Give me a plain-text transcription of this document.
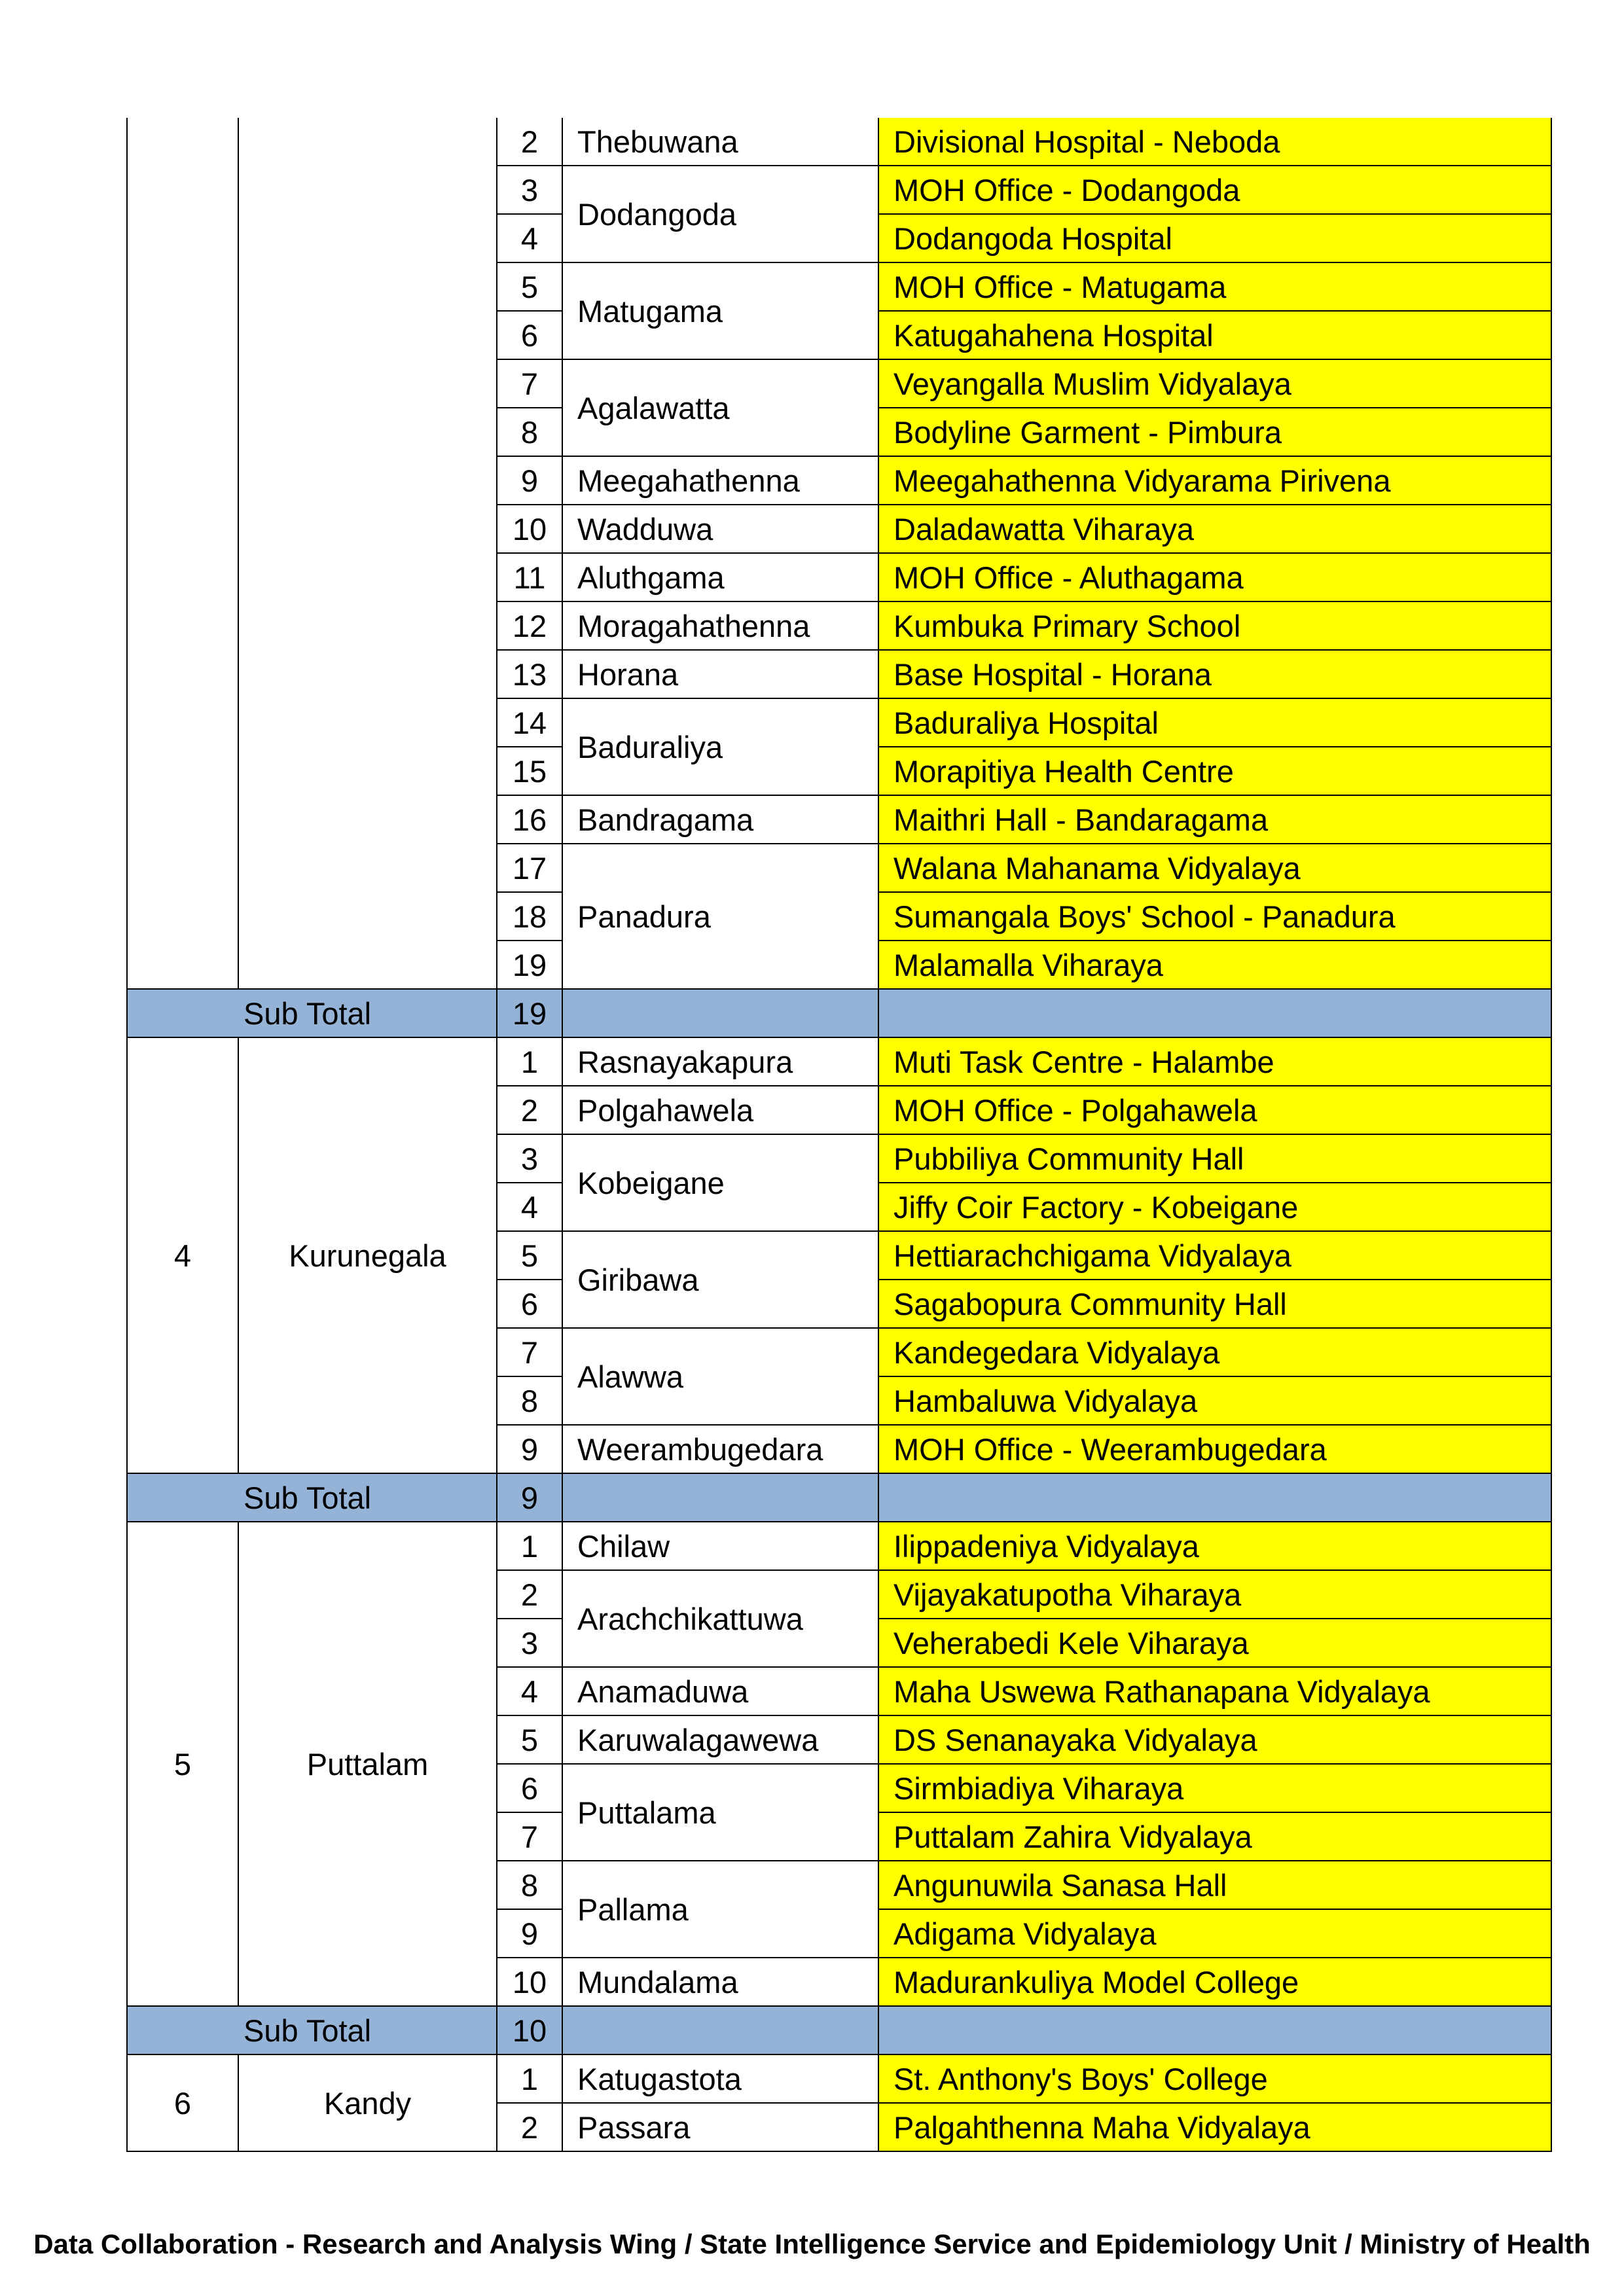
		2	Thebuwana	Divisional Hospital - Neboda
		3	Dodangoda	MOH Office - Dodangoda
		4		Dodangoda Hospital
		5	Matugama	MOH Office - Matugama
		6		Katugahahena Hospital
		7	Agalawatta	Veyangalla Muslim Vidyalaya
		8		Bodyline Garment - Pimbura
		9	Meegahathenna	Meegahathenna Vidyarama Pirivena
		10	Wadduwa	Daladawatta Viharaya
		11	Aluthgama	MOH Office - Aluthagama
		12	Moragahathenna	Kumbuka Primary School
		13	Horana	Base Hospital - Horana
		14	Baduraliya	Baduraliya Hospital
		15		Morapitiya Health Centre
		16	Bandragama	Maithri Hall - Bandaragama
		17	Panadura	Walana Mahanama Vidyalaya
		18		Sumangala Boys' School - Panadura
		19		Malamalla Viharaya
Sub Total		19		
4	Kurunegala	1	Rasnayakapura	Muti Task Centre - Halambe
		2	Polgahawela	MOH Office - Polgahawela
		3	Kobeigane	Pubbiliya Community Hall
		4		Jiffy Coir Factory - Kobeigane
		5	Giribawa	Hettiarachchigama Vidyalaya
		6		Sagabopura Community Hall
		7	Alawwa	Kandegedara Vidyalaya
		8		Hambaluwa Vidyalaya
		9	Weerambugedara	MOH Office - Weerambugedara
Sub Total		9		
5	Puttalam	1	Chilaw	Ilippadeniya Vidyalaya
		2	Arachchikattuwa	Vijayakatupotha Viharaya
		3		Veherabedi Kele Viharaya
		4	Anamaduwa	Maha Uswewa Rathanapana Vidyalaya
		5	Karuwalagawewa	DS Senanayaka Vidyalaya
		6	Puttalama	Sirmbiadiya Viharaya
		7		Puttalam Zahira Vidyalaya
		8	Pallama	Angunuwila Sanasa Hall
		9		Adigama Vidyalaya
		10	Mundalama	Madurankuliya Model College
Sub Total		10		
6	Kandy	1	Katugastota	St. Anthony's Boys' College
		2	Passara	Palgahthenna Maha Vidyalaya
Data Collaboration - Research and Analysis Wing / State Intelligence Service and Epidemiology Unit / Ministry of Health
